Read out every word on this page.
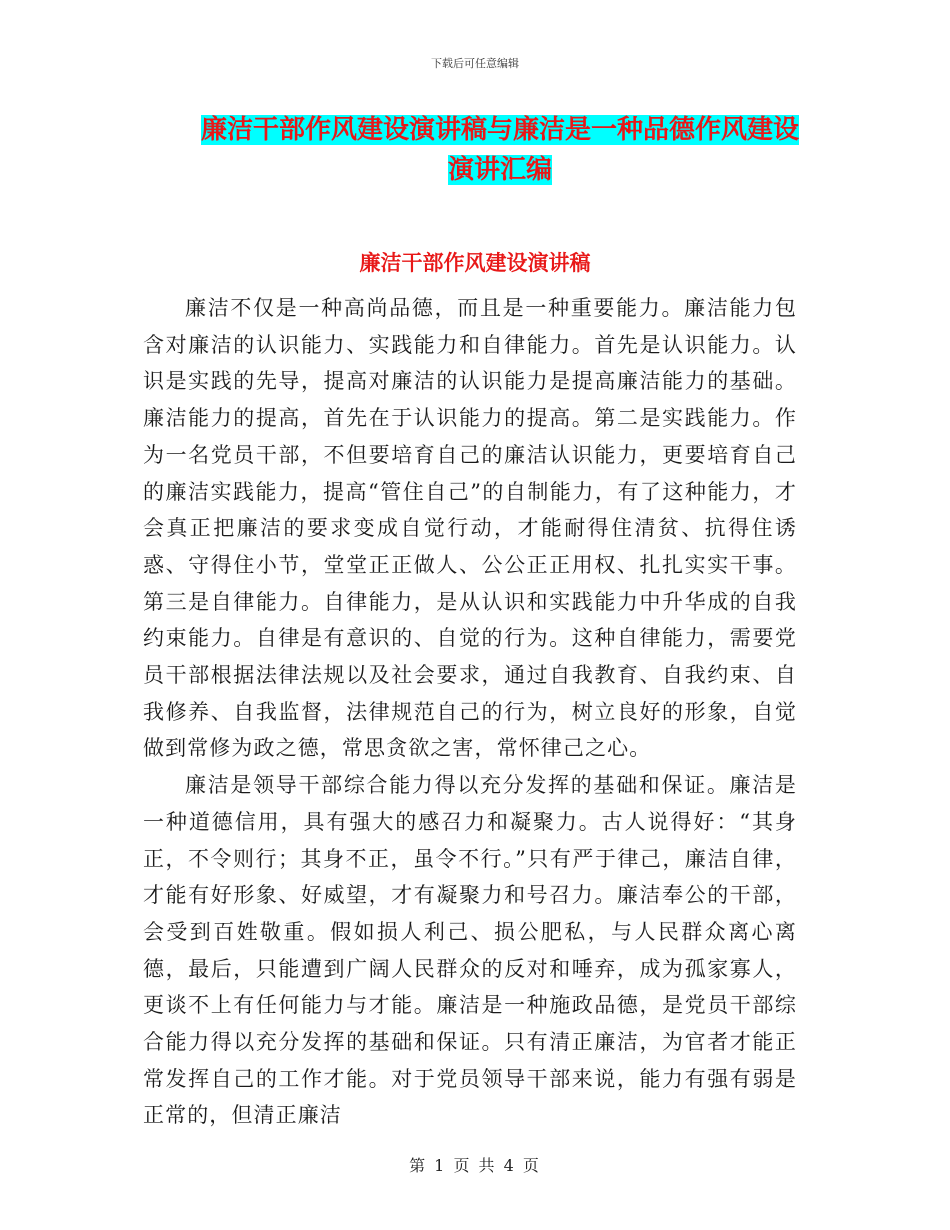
下载后可任意编辑
廉洁干部作风建设演讲稿与廉洁是一种品德作风建设
演讲汇编
廉洁干部作风建设演讲稿

廉洁不仅是一种高尚品德，而且是一种重要能力。廉洁能力包含对廉洁的认识能力、实践能力和自律能力。首先是认识能力。认识是实践的先导，提高对廉洁的认识能力是提高廉洁能力的基础。廉洁能力的提高，首先在于认识能力的提高。第二是实践能力。作为一名党员干部，不但要培育自己的廉洁认识能力，更要培育自己的廉洁实践能力，提高“管住自己”的自制能力，有了这种能力，才会真正把廉洁的要求变成自觉行动，才能耐得住清贫、抗得住诱惑、守得住小节，堂堂正正做人、公公正正用权、扎扎实实干事。第三是自律能力。自律能力，是从认识和实践能力中升华成的自我约束能力。自律是有意识的、自觉的行为。这种自律能力，需要党员干部根据法律法规以及社会要求，通过自我教育、自我约束、自我修养、自我监督，法律规范自己的行为，树立良好的形象，自觉做到常修为政之德，常思贪欲之害，常怀律己之心。

廉洁是领导干部综合能力得以充分发挥的基础和保证。廉洁是一种道德信用，具有强大的感召力和凝聚力。古人说得好：“其身正，不令则行；其身不正，虽令不行。”只有严于律己，廉洁自律，才能有好形象、好威望，才有凝聚力和号召力。廉洁奉公的干部，会受到百姓敬重。假如损人利己、损公肥私，与人民群众离心离德，最后，只能遭到广阔人民群众的反对和唾弃，成为孤家寡人，更谈不上有任何能力与才能。廉洁是一种施政品德，是党员干部综合能力得以充分发挥的基础和保证。只有清正廉洁，为官者才能正常发挥自己的工作才能。对于党员领导干部来说，能力有强有弱是正常的，但清正廉洁

第 1 页 共 4 页
